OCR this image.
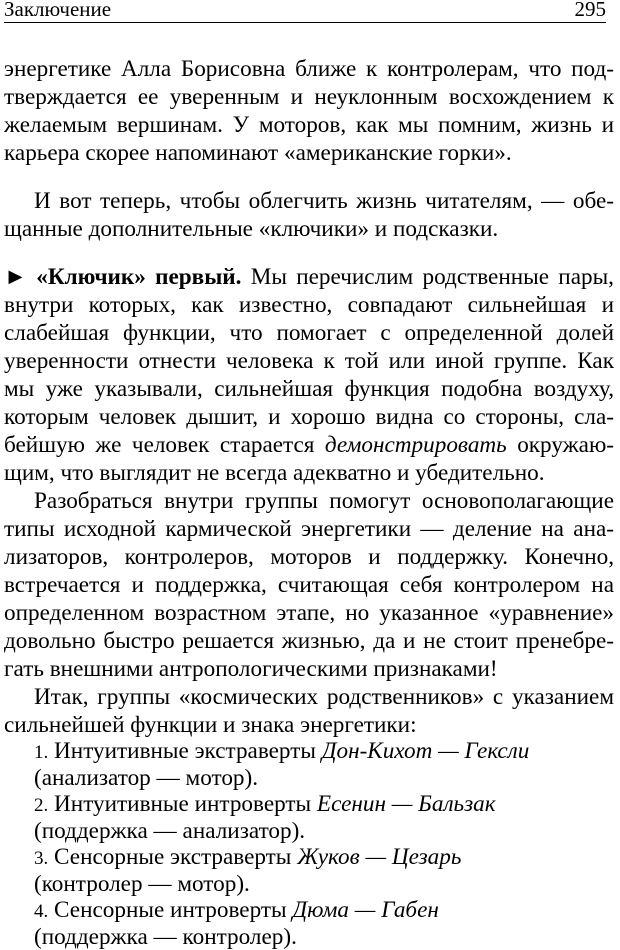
Заключение	295
энергетике Алла Борисовна ближе к контролерам, что под-
тверждается ее уверенным и неуклонным восхождением к
желаемым вершинам. У моторов, как мы помним, жизнь и
карьера скорее напоминают «американские горки».
И вот теперь, чтобы облегчить жизнь читателям, — обе-
щанные дополнительные «ключики» и подсказки.
► «Ключик» первый. Мы перечислим родственные пары,
внутри которых, как известно, совпадают сильнейшая и
слабейшая функции, что помогает с определенной долей
уверенности отнести человека к той или иной группе. Как
мы уже указывали, сильнейшая функция подобна воздуху,
которым человек дышит, и хорошо видна со стороны, сла-
бейшую же человек старается демонстрировать окружаю-
щим, что выглядит не всегда адекватно и убедительно.
Разобраться внутри группы помогут основополагающие
типы исходной кармической энергетики — деление на ана-
лизаторов, контролеров, моторов и поддержку. Конечно,
встречается и поддержка, считающая себя контролером на
определенном возрастном этапе, но указанное «уравнение»
довольно быстро решается жизнью, да и не стоит пренебре-
гать внешними антропологическими признаками!
Итак, группы «космических родственников» с указанием
сильнейшей функции и знака энергетики:
1. Интуитивные экстраверты Дон-Кихот — Гексли
(анализатор — мотор).
2. Интуитивные интроверты Есенин — Бальзак
(поддержка — анализатор).
3. Сенсорные экстраверты Жуков — Цезарь
(контролер — мотор).
4. Сенсорные интроверты Дюма — Габен
(поддержка — контролер).
